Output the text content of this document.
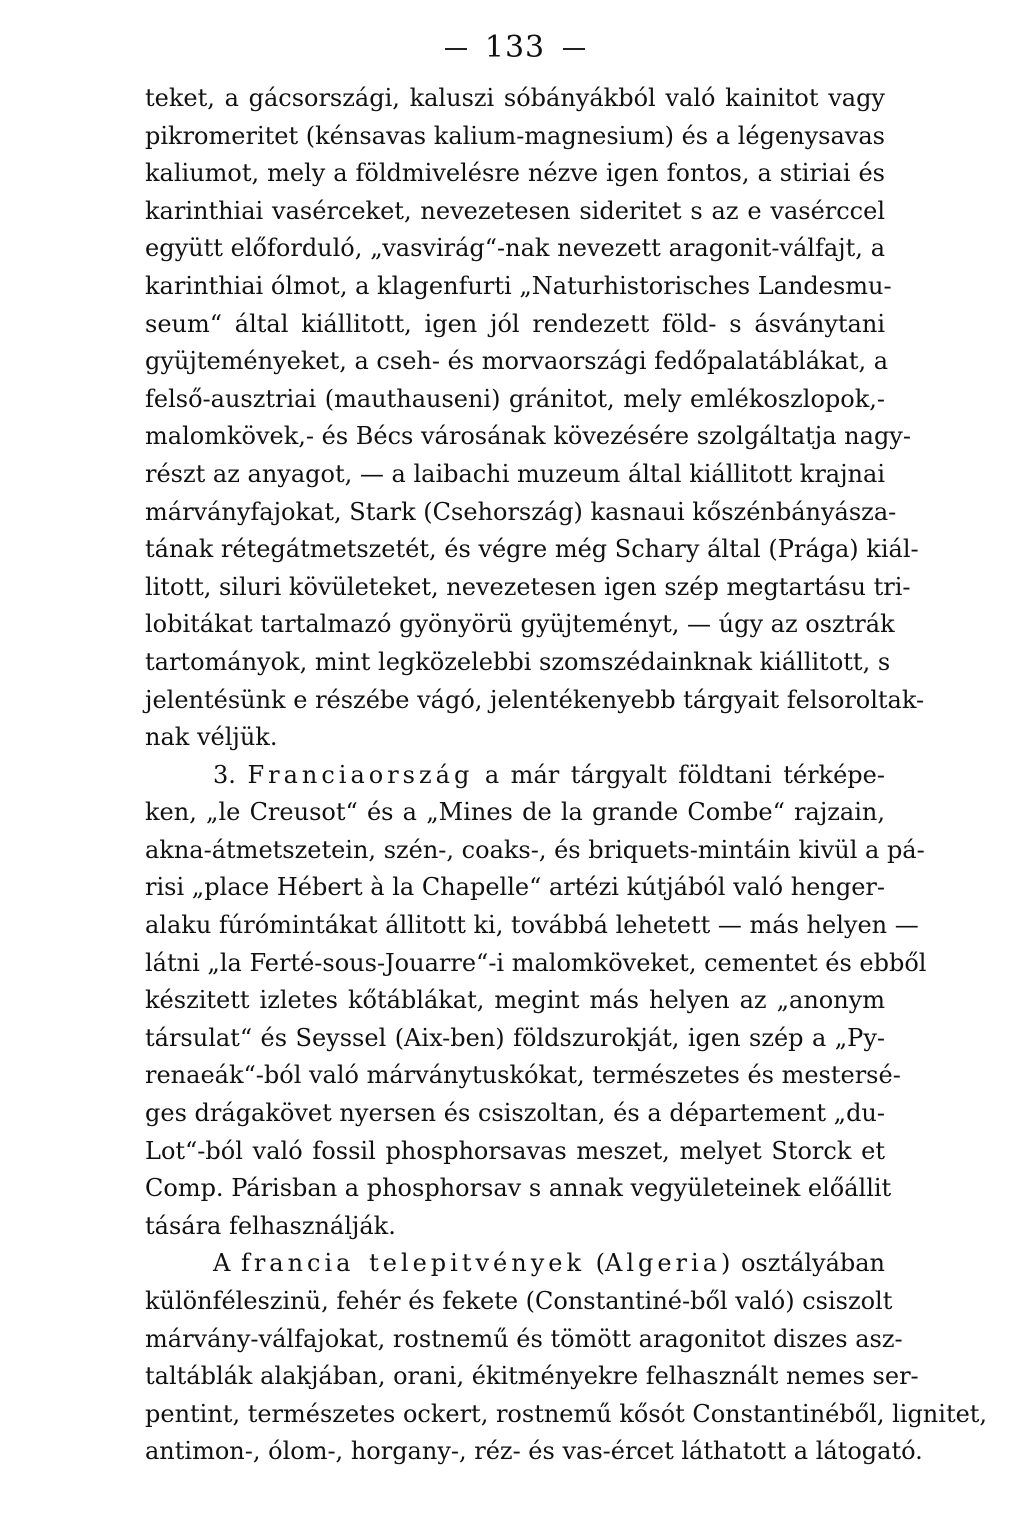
133
teket, a gácsországi, kaluszi sóbányákból való kainitot vagy
pikromeritet (kénsavas kalium-magnesium) és a légenysavas
kaliumot, mely a földmivelésre nézve igen fontos, a stiriai és
karinthiai vasérceket, nevezetesen sideritet s az e vasérccel
együtt előforduló, „vasvirág“-nak nevezett aragonit-válfajt, a
karinthiai ólmot, a klagenfurti „Naturhistorisches Landesmu-
seum“ által kiállitott, igen jól rendezett föld- s ásványtani
gyüjteményeket, a cseh- és morvaországi fedőpalatáblákat, a
felső-ausztriai (mauthauseni) gránitot, mely emlékoszlopok,-
malomkövek,- és Bécs városának kövezésére szolgáltatja nagy-
részt az anyagot, — a laibachi muzeum által kiállitott krajnai
márványfajokat, Stark (Csehország) kasnaui kőszénbányásza-
tának rétegátmetszetét, és végre még Schary által (Prága) kiál-
litott, siluri kövületeket, nevezetesen igen szép megtartásu tri-
lobitákat tartalmazó gyönyörü gyüjteményt, — úgy az osztrák
tartományok, mint legközelebbi szomszédainknak kiállitott, s
jelentésünk e részébe vágó, jelentékenyebb tárgyait felsoroltak-
nak véljük.
3. Franciaország a már tárgyalt földtani térképe-
ken, „le Creusot“ és a „Mines de la grande Combe“ rajzain,
akna-átmetszetein, szén-, coaks-, és briquets-mintáin kivül a pá-
risi „place Hébert à la Chapelle“ artézi kútjából való henger-
alaku fúrómintákat állitott ki, továbbá lehetett — más helyen —
látni „la Ferté-sous-Jouarre“-i malomköveket, cementet és ebből
készitett izletes kőtáblákat, megint más helyen az „anonym
társulat“ és Seyssel (Aix-ben) földszurokját, igen szép a „Py-
renaeák“-ból való márványtuskókat, természetes és mestersé-
ges drágakövet nyersen és csiszoltan, és a département „du-
Lot“-ból való fossil phosphorsavas meszet, melyet Storck et
Comp. Párisban a phosphorsav s annak vegyületeinek előállit
tására felhasználják.
A francia telepitvények (Algeria) osztályában
különféleszinü, fehér és fekete (Constantiné-ből való) csiszolt
márvány-válfajokat, rostnemű és tömött aragonitot diszes asz-
taltáblák alakjában, orani, ékitményekre felhasznált nemes ser-
pentint, természetes ockert, rostnemű kősót Constantinéből, lignitet,
antimon-, ólom-, horgany-, réz- és vas-ércet láthatott a látogató.
